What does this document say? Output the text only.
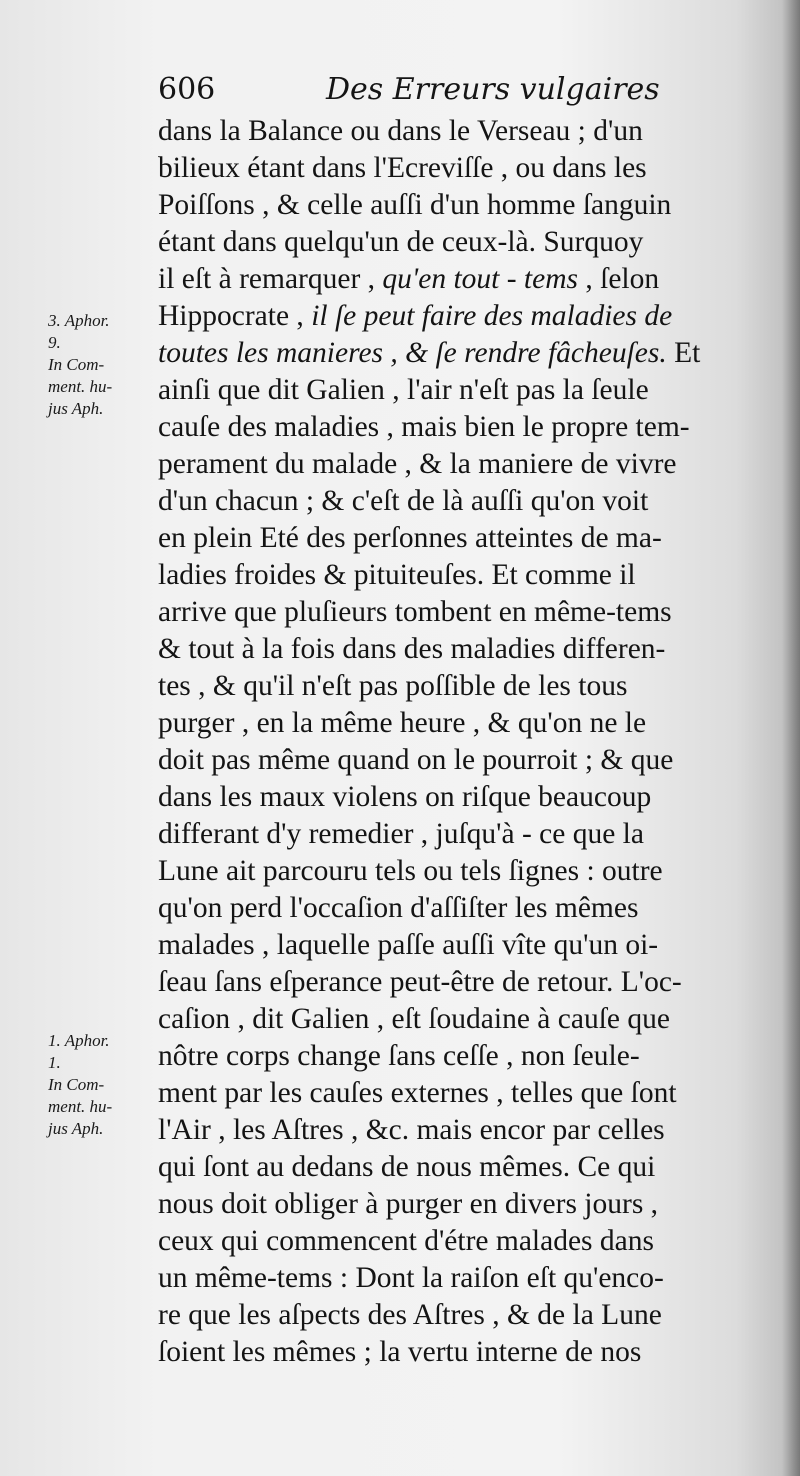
606	Des Erreurs vulgaires
3. Aphor.
9.
In Com-
ment. hu-
jus Aph.
1. Aphor.
1.
In Com-
ment. hu-
jus Aph.
dans la Balance ou dans le Verseau ; d'un
bilieux étant dans l'Ecreviſſe , ou dans les
Poiſſons , & celle auſſi d'un homme ſanguin
étant dans quelqu'un de ceux-là. Surquoy
il eſt à remarquer , qu'en tout - tems , ſelon
Hippocrate , il ſe peut faire des maladies de
toutes les manieres , & ſe rendre fâcheuſes. Et
ainſi que dit Galien , l'air n'eſt pas la ſeule
cauſe des maladies , mais bien le propre tem-
perament du malade , & la maniere de vivre
d'un chacun ; & c'eſt de là auſſi qu'on voit
en plein Eté des perſonnes atteintes de ma-
ladies froides & pituiteuſes. Et comme il
arrive que pluſieurs tombent en même-tems
& tout à la fois dans des maladies differen-
tes , & qu'il n'eſt pas poſſible de les tous
purger , en la même heure , & qu'on ne le
doit pas même quand on le pourroit ; & que
dans les maux violens on riſque beaucoup
differant d'y remedier , juſqu'à - ce que la
Lune ait parcouru tels ou tels ſignes : outre
qu'on perd l'occaſion d'aſſiſter les mêmes
malades , laquelle paſſe auſſi vîte qu'un oi-
ſeau ſans eſperance peut-être de retour. L'oc-
caſion , dit Galien , eſt ſoudaine à cauſe que
nôtre corps change ſans ceſſe , non ſeule-
ment par les cauſes externes , telles que ſont
l'Air , les Aſtres , &c. mais encor par celles
qui ſont au dedans de nous mêmes. Ce qui
nous doit obliger à purger en divers jours ,
ceux qui commencent d'étre malades dans
un même-tems : Dont la raiſon eſt qu'enco-
re que les aſpects des Aſtres , & de la Lune
ſoient les mêmes ; la vertu interne de nos
